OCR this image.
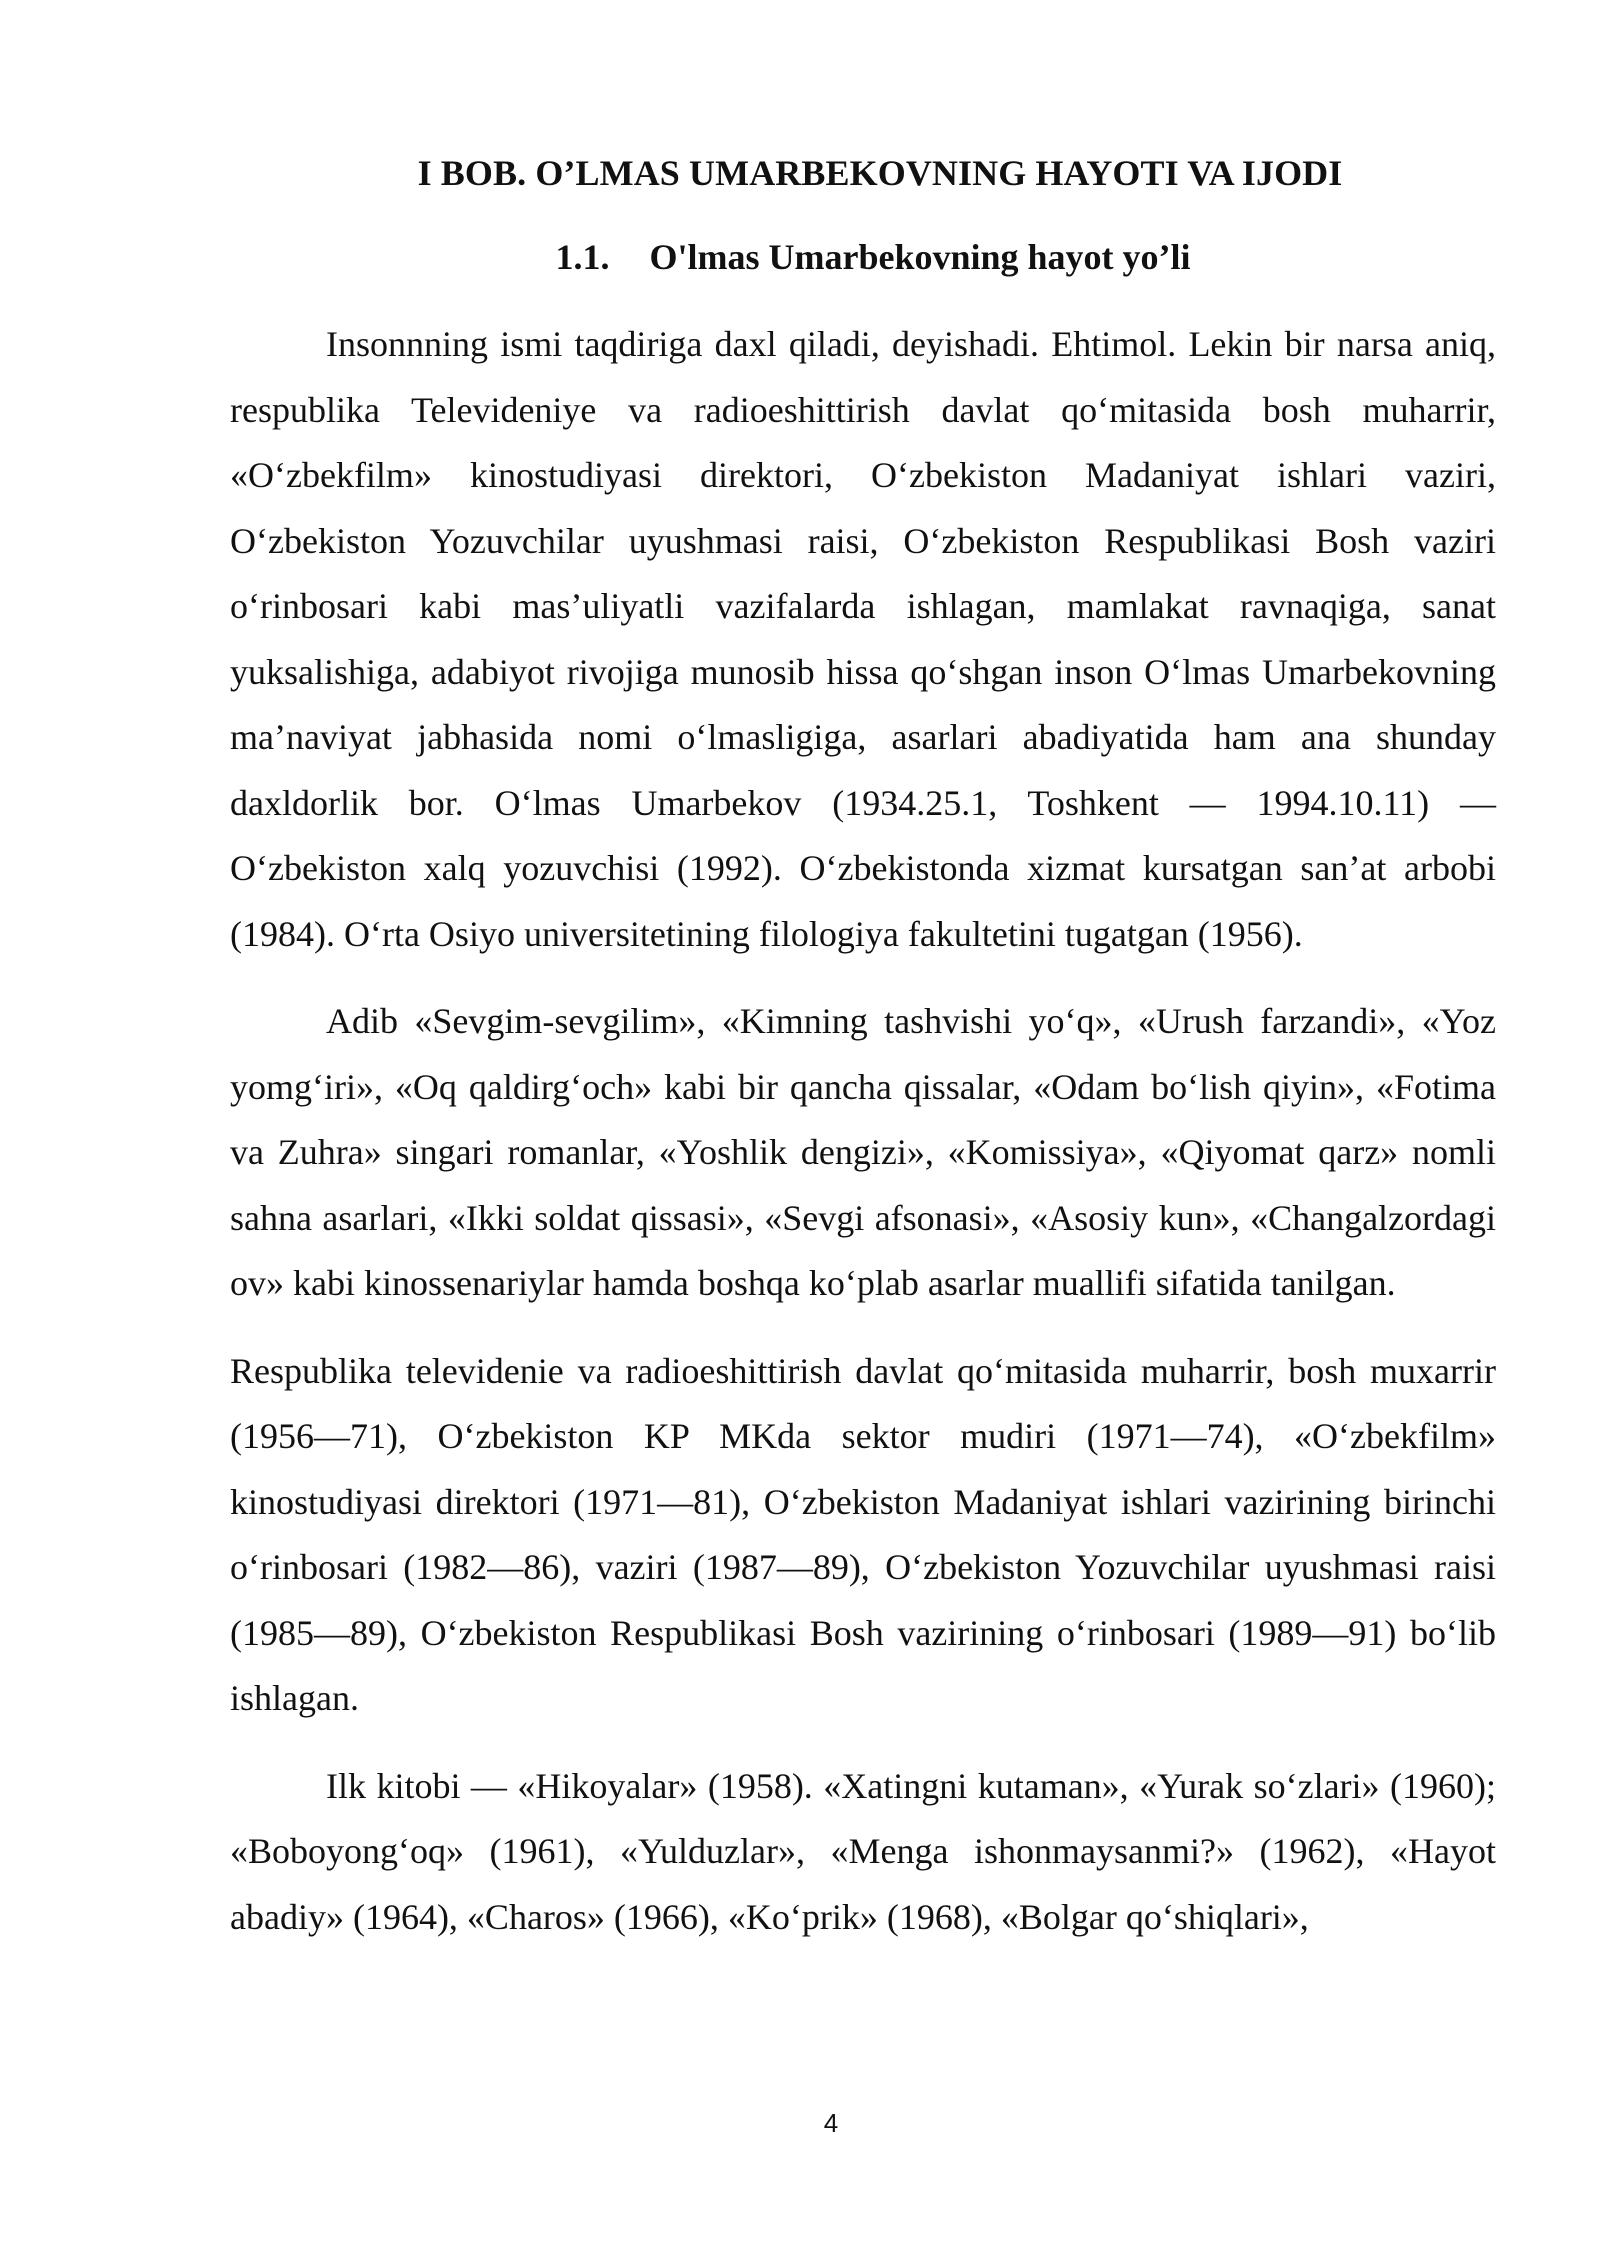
I BOB. O’LMAS UMARBEKOVNING HAYOTI VA IJODI
1.1. O'lmas Umarbekovning hayot yo’li

Insonnning ismi taqdiriga daxl qiladi, deyishadi. Ehtimol. Lekin bir narsa aniq, respublika Televideniye va radioeshittirish davlat qo‘mitasida bosh muharrir, «O‘zbekfilm» kinostudiyasi direktori, O‘zbekiston Madaniyat ishlari vaziri, O‘zbekiston Yozuvchilar uyushmasi raisi, O‘zbekiston Respublikasi Bosh vaziri o‘rinbosari kabi mas’uliyatli vazifalarda ishlagan, mamlakat ravnaqiga, sanat yuksalishiga, adabiyot rivojiga munosib hissa qo‘shgan inson O‘lmas Umarbekovning ma’naviyat jabhasida nomi o‘lmasligiga, asarlari abadiyatida ham ana shunday daxldorlik bor. O‘lmas Umarbekov (1934.25.1, Toshkent — 1994.10.11) — O‘zbekiston xalq yozuvchisi (1992). O‘zbekistonda xizmat kursatgan san’at arbobi (1984). O‘rta Osiyo universitetining filologiya fakultetini tugatgan (1956).

Adib «Sevgim-sevgilim», «Kimning tashvishi yo‘q», «Urush farzandi», «Yoz yomg‘iri», «Oq qaldirg‘och» kabi bir qancha qissalar, «Odam bo‘lish qiyin», «Fotima va Zuhra» singari romanlar, «Yoshlik dengizi», «Komissiya», «Qiyomat qarz» nomli sahna asarlari, «Ikki soldat qissasi», «Sevgi afsonasi», «Asosiy kun», «Changalzordagi ov» kabi kinossenariylar hamda boshqa ko‘plab asarlar muallifi sifatida tanilgan.

Respublika televidenie va radioeshittirish davlat qo‘mitasida muharrir, bosh muxarrir (1956—71), O‘zbekiston KP MKda sektor mudiri (1971—74), «O‘zbekfilm» kinostudiyasi direktori (1971—81), O‘zbekiston Madaniyat ishlari vazirining birinchi o‘rinbosari (1982—86), vaziri (1987—89), O‘zbekiston Yozuvchilar uyushmasi raisi (1985—89), O‘zbekiston Respublikasi Bosh vazirining o‘rinbosari (1989—91) bo‘lib ishlagan.

Ilk kitobi — «Hikoyalar» (1958). «Xatingni kutaman», «Yurak so‘zlari» (1960); «Boboyong‘oq» (1961), «Yulduzlar», «Menga ishonmaysanmi?» (1962), «Hayot abadiy» (1964), «Charos» (1966), «Ko‘prik» (1968), «Bolgar qo‘shiqlari»,

4
